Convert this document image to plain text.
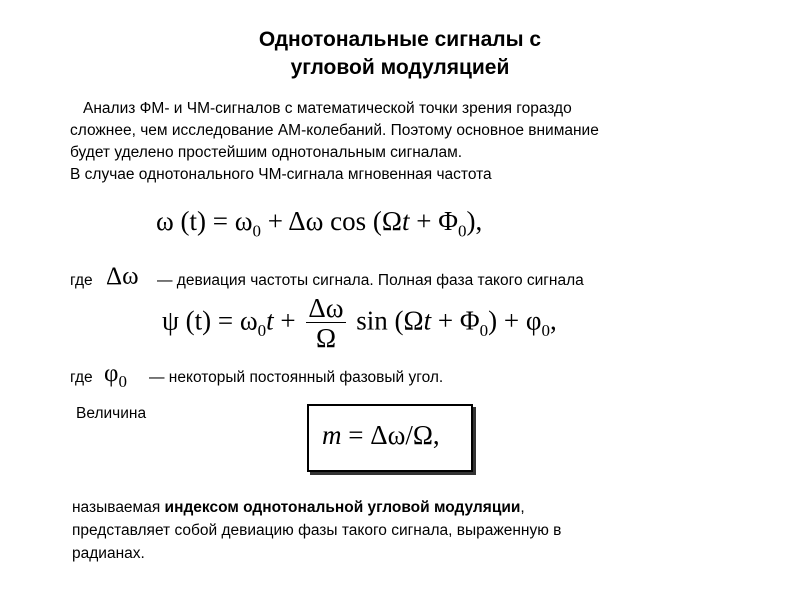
Однотональные сигналы с
угловой модуляцией
Анализ ФМ- и ЧМ-сигналов с математической точки зрения гораздо
сложнее, чем исследование АМ-колебаний. Поэтому основное внимание
будет уделено простейшим однотональным сигналам.
В случае однотонального ЧМ-сигнала мгновенная частота
ω $(t) = \omega_0 + \Delta\omega$ $\cos (\Omega t + \Phi_0)$,
где Δω — девиация частоты сигнала. Полная фаза такого сигнала
ψ $(t) = \omega_0t + \frac{\Delta\omega}{\Omega}$ $\sin (\Omega t + \Phi_0) + \varphi_0$,
где $\varphi_0$ — некоторый постоянный фазовый угол.
Величина
m = Δω/Ω,
называемая индексом однотональной угловой модуляции,
представляет собой девиацию фазы такого сигнала, выраженную в
радианах.
